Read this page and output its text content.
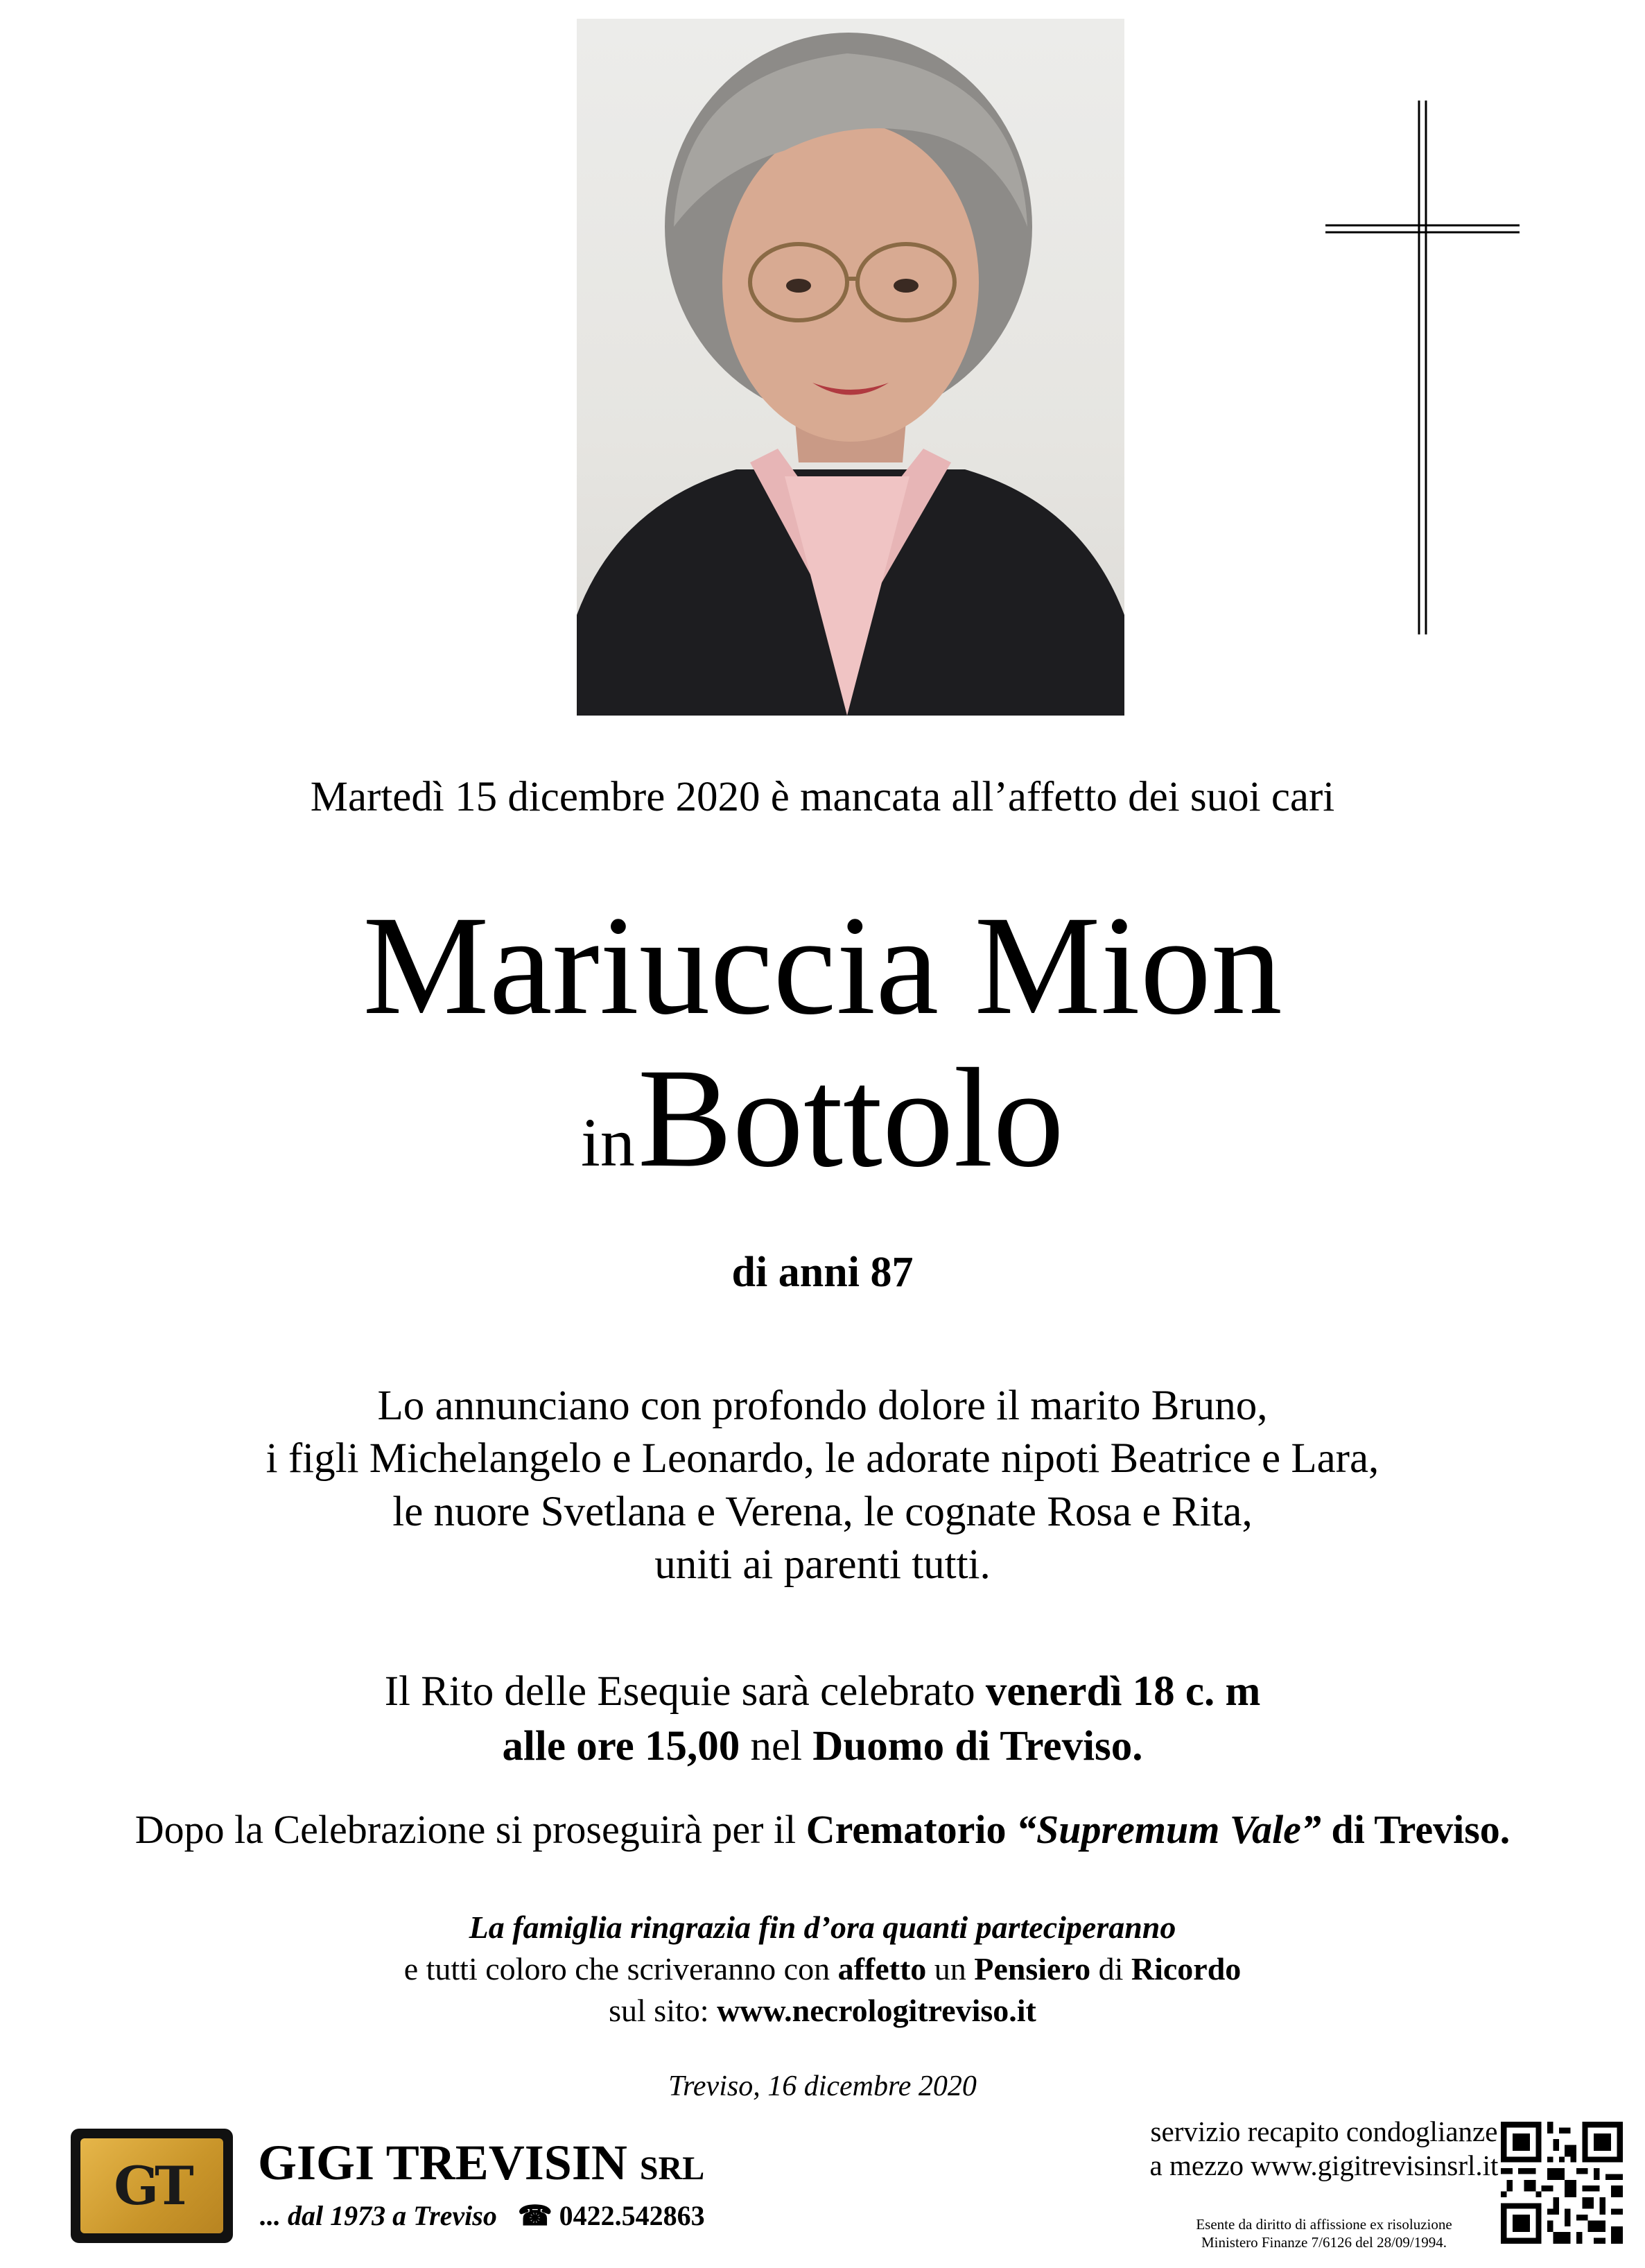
Martedì 15 dicembre 2020 è mancata all’affetto dei suoi cari
Mariuccia Mion
in Bottolo
di anni 87
Lo annunciano con profondo dolore il marito Bruno,
i figli Michelangelo e Leonardo, le adorate nipoti Beatrice e Lara,
le nuore Svetlana e Verena, le cognate Rosa e Rita,
uniti ai parenti tutti.
Il Rito delle Esequie sarà celebrato venerdì 18 c. m
alle ore 15,00 nel Duomo di Treviso.
Dopo la Celebrazione si proseguirà per il Crematorio “Supremum Vale” di Treviso.
La famiglia ringrazia fin d’ora quanti parteciperanno
e tutti coloro che scriveranno con affetto un Pensiero di Ricordo
sul sito: www.necrologitreviso.it
Treviso, 16 dicembre 2020
GT	GIGI TREVISIN SRL
... dal 1973 a Treviso ☎ 0422.542863
servizio recapito condoglianze
a mezzo www.gigitrevisinsrl.it
Esente da diritto di affissione ex risoluzione
Ministero Finanze 7/6126 del 28/09/1994.
